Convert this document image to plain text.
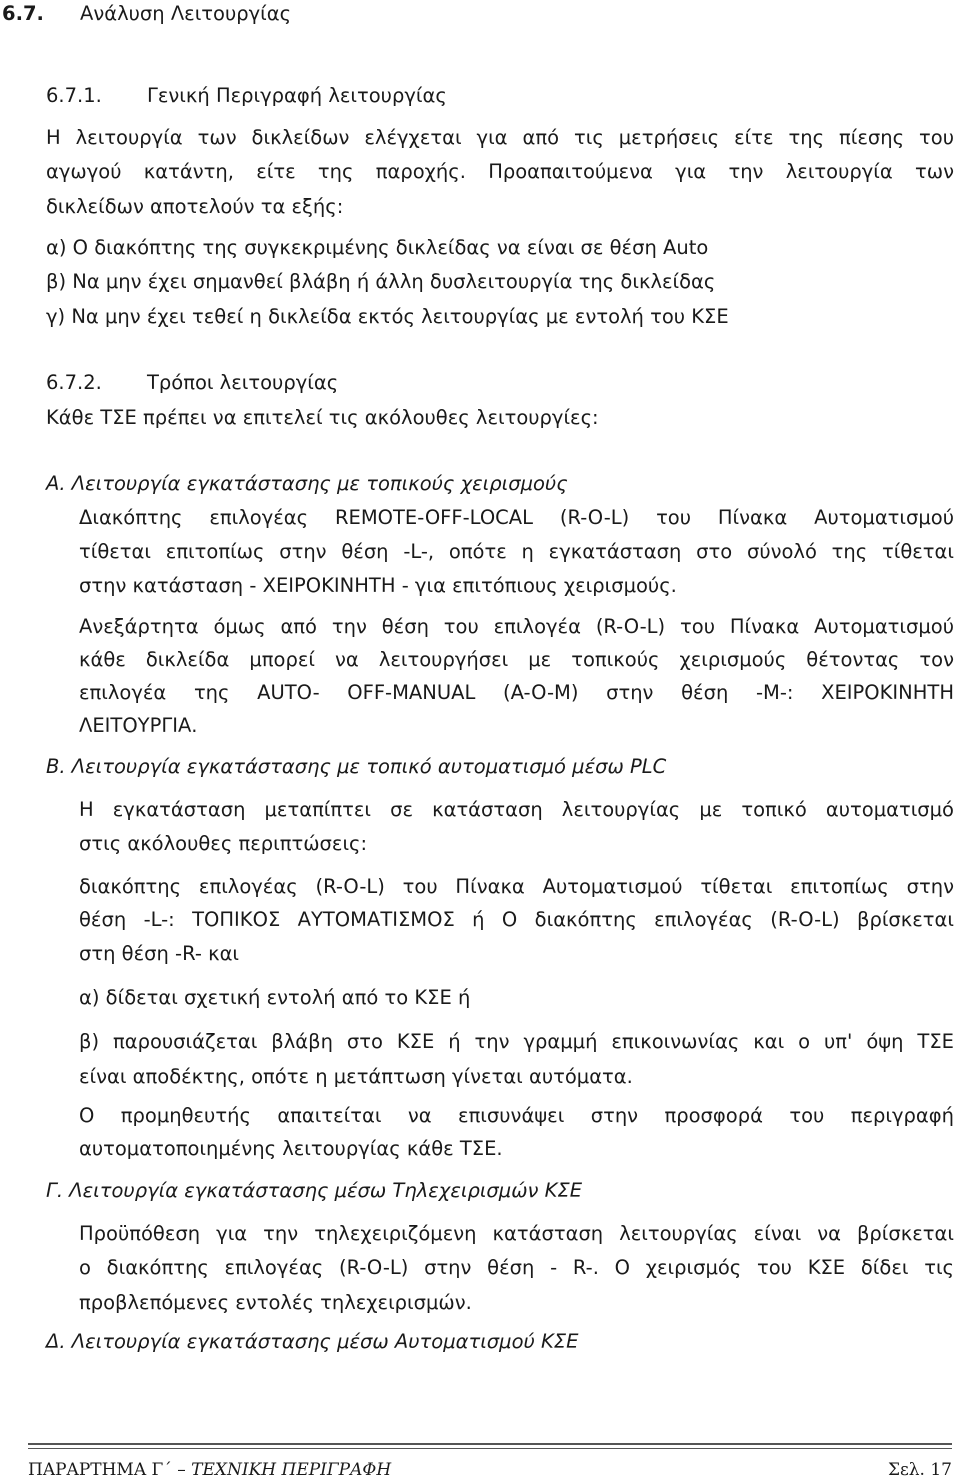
6.7. Ανάλυση Λειτουργίας
6.7.1. Γενική Περιγραφή λειτουργίας
Η λειτουργία των δικλείδων ελέγχεται για από τις μετρήσεις είτε της πίεσης του
αγωγού κατάντη, είτε της παροχής. Προαπαιτούμενα για την λειτουργία των
δικλείδων αποτελούν τα εξής:
α) Ο διακόπτης της συγκεκριμένης δικλείδας να είναι σε θέση Auto
β) Να μην έχει σημανθεί βλάβη ή άλλη δυσλειτουργία της δικλείδας
γ) Να μην έχει τεθεί η δικλείδα εκτός λειτουργίας με εντολή του ΚΣΕ
6.7.2. Τρόποι λειτουργίας
Κάθε ΤΣΕ πρέπει να επιτελεί τις ακόλουθες λειτουργίες:
Α. Λειτουργία εγκατάστασης με τοπικούς χειρισμούς
Διακόπτης επιλογέας REMOTE-OFF-LOCAL (R-O-L) του Πίνακα Αυτοματισμού
τίθεται επιτοπίως στην θέση -L-, οπότε η εγκατάσταση στο σύνολό της τίθεται
στην κατάσταση - ΧΕΙΡΟΚΙΝΗΤΗ - για επιτόπιους χειρισμούς.
Ανεξάρτητα όμως από την θέση του επιλογέα (R-O-L) του Πίνακα Αυτοματισμού
κάθε δικλείδα μπορεί να λειτουργήσει με τοπικούς χειρισμούς θέτοντας τον
επιλογέα της AUTO- OFF-MANUAL (A-O-M) στην θέση -M-: ΧΕΙΡΟΚΙΝΗΤΗ
ΛΕΙΤΟΥΡΓΙΑ.
Β. Λειτουργία εγκατάστασης με τοπικό αυτοματισμό μέσω PLC
Η εγκατάσταση μεταπίπτει σε κατάσταση λειτουργίας με τοπικό αυτοματισμό
στις ακόλουθες περιπτώσεις:
διακόπτης επιλογέας (R-O-L) του Πίνακα Αυτοματισμού τίθεται επιτοπίως στην
θέση -L-: ΤΟΠΙΚΟΣ ΑΥΤΟΜΑΤΙΣΜΟΣ ή Ο διακόπτης επιλογέας (R-O-L) βρίσκεται
στη θέση -R- και
α) δίδεται σχετική εντολή από το ΚΣΕ ή
β) παρουσιάζεται βλάβη στο ΚΣΕ ή την γραμμή επικοινωνίας και ο υπ' όψη ΤΣΕ
είναι αποδέκτης, οπότε η μετάπτωση γίνεται αυτόματα.
Ο προμηθευτής απαιτείται να επισυνάψει στην προσφορά του περιγραφή
αυτοματοποιημένης λειτουργίας κάθε ΤΣΕ.
Γ. Λειτουργία εγκατάστασης μέσω Τηλεχειρισμών ΚΣΕ
Προϋπόθεση για την τηλεχειριζόμενη κατάσταση λειτουργίας είναι να βρίσκεται
ο διακόπτης επιλογέας (R-O-L) στην θέση - R-. Ο χειρισμός του ΚΣΕ δίδει τις
προβλεπόμενες εντολές τηλεχειρισμών.
Δ. Λειτουργία εγκατάστασης μέσω Αυτοματισμού ΚΣΕ
ΠΑΡΑΡΤΗΜΑ Γ΄ – ΤΕΧΝΙΚΗ ΠΕΡΙΓΡΑΦΗ	Σελ. 17
